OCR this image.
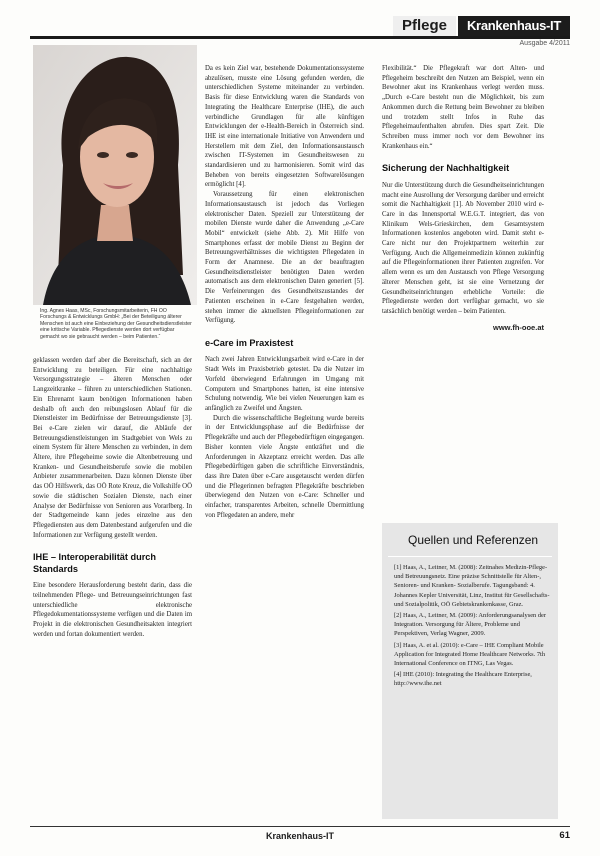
Pflege	Krankenhaus-IT
Ausgabe 4/2011
Ing. Agnes Haas, MSc, Forschungsmitarbeiterin, FH OÖ Forschungs & Entwicklungs GmbH: „Bei der Beteiligung älterer Menschen ist auch eine Einbeziehung der Gesundheitsdienstleister eine kritische Variable. Pflegedienste werden dort verfügbar gemacht wo sie gebraucht werden – beim Patienten.“

geklassen werden darf aber die Bereitschaft, sich an der Entwicklung zu beteiligen. Für eine nachhaltige Versorgungsstrategie – älteren Menschen oder Langzeitkranke – führen zu unterschiedlichen Stationen. Ein Ehrenamt kaum benötigen Informationen haben deshalb oft auch den reibungslosen Ablauf für die Dienstleister im Bedürfnisse der Betreuungsdienste [3]. Bei e-Care zielen wir darauf, die Abläufe der Betreuungsdienstleistungen im Stadtgebiet von Wels zu einem System für ältere Menschen zu verbinden, in dem Ältere, ihre Pflegeheime sowie die Altenbetreuung und Kranken- und Gesundheitsberufe sowie die mobilen Anbieter zusammenarbeiten. Dazu können Dienste über das OÖ Hilfswerk, das OÖ Rote Kreuz, die Volkshilfe OÖ sowie die städtischen Sozialen Dienste, nach einer Analyse der Bedürfnisse von Senioren aus Vorarlberg. In der Stadtgemeinde kann jedes einzelne aus den Pflegediensten aus dem Datenbestand aufgerufen und die Informationen zur Verfügung gestellt werden.

IHE – Interoperabilität durch Standards

Eine besondere Herausforderung besteht darin, dass die teilnehmenden Pflege- und Betreuungseinrichtungen fast unterschiedliche elektronische Pflegedokumentationssysteme verfügen und die Daten im Projekt in die elektronischen Gesundheitsakten integriert werden und fortan dokumentiert werden.

Da es kein Ziel war, bestehende Dokumentationssysteme abzulösen, musste eine Lösung gefunden werden, die unterschiedlichen Systeme miteinander zu verbinden. Basis für diese Entwicklung waren die Standards von Integrating the Healthcare Enterprise (IHE), die auch verbindliche Grundlagen für alle künftigen Entwicklungen der e-Health-Bereich in Österreich sind. IHE ist eine internationale Initiative von Anwendern und Herstellern mit dem Ziel, den Informationsaustausch zwischen IT-Systemen im Gesundheitswesen zu standardisieren und zu harmonisieren. Somit wird das Beheben von bereits eingesetzten Softwarelösungen ermöglicht [4].

Voraussetzung für einen elektronischen Informationsaustausch ist jedoch das Vorliegen elektronischer Daten. Speziell zur Unterstützung der mobilen Dienste wurde daher die Anwendung „e-Care Mobil“ entwickelt (siehe Abb. 2). Mit Hilfe von Smartphones erfasst der mobile Dienst zu Beginn der Betreuungsverhältnisses die wichtigsten Pflegedaten in Form der Anamnese. Die an der beauftragten Gesundheitsdienstleister benötigten Daten werden automatisch aus dem elektronischen Daten generiert [5]. Die Verfeinerungen des Gesundheitszustandes der Patienten erscheinen in e-Care festgehalten werden, stehen immer die aktuellsten Pflegeinformationen zur Verfügung.

e-Care im Praxistest

Nach zwei Jahren Entwicklungsarbeit wird e-Care in der Stadt Wels im Praxisbetrieb getestet. Da die Nutzer im Vorfeld überwiegend Erfahrungen im Umgang mit Computern und Smartphones hatten, ist eine intensive Schulung notwendig. Wie bei vielen Neuerungen kam es anfänglich zu Zweifel und Ängsten.

Durch die wissenschaftliche Begleitung wurde bereits in der Entwicklungsphase auf die Bedürfnisse der Pflegekräfte und auch der Pflegebedürftigen eingegangen. Bisher konnten viele Ängste entkräftet und die Anforderungen in Akzeptanz erreicht werden. Das alle Pflegebedürftigen gaben die schriftliche Einverständnis, dass ihre Daten über e-Care ausgetauscht werden dürfen und die Pflegerinnen befragten Pflegekräfte beschrieben überwiegend den Nutzen von e-Care: Schneller und einfacher, transparentes Arbeiten, schnelle Übermittlung von Pflegedaten an andere, mehr

Flexibilität.“ Die Pflegekraft war dort Alten- und Pflegeheim beschreibt den Nutzen am Beispiel, wenn ein Bewohner akut ins Krankenhaus verlegt werden muss. „Durch e-Care besteht nun die Möglichkeit, bis zum Ankommen durch die Rettung beim Bewohner zu bleiben und trotzdem stellt Infos in Ruhe das Pflegeheimaufenthalten abrufen. Dies spart Zeit. Die Schreiben muss immer noch vor dem Bewohner ins Krankenhaus ein.“

Sicherung der Nachhaltigkeit

Nur die Unterstützung durch die Gesundheitseinrichtungen macht eine Ausrollung der Versorgung darüber und erreicht somit die Nachhaltigkeit [1]. Ab November 2010 wird e-Care in das Innensportal W.E.G.T. integriert, das von Klinikum Wels-Grieskirchen, dem Gesamtsystem Informationen kostenlos angeboten wird. Damit steht e-Care nicht nur den Projektpartnern weiterhin zur Verfügung. Auch die Allgemeinmedizin können zukünftig auf die Pflegeinformationen ihrer Patienten zugreifen. Vor allem wenn es um den Austausch von Pflege Versorgung älterer Menschen geht, ist sie eine Vernetzung der Gesundheitseinrichtungen erhebliche Vorteile: die Pflegedienste werden dort verfügbar gemacht, wo sie tatsächlich benötigt werden – beim Patienten.

www.fh-ooe.at
Quellen und Referenzen

[1] Haas, A., Leitner, M. (2008): Zeitnahes Medizin-Pflege- und Betreuungsnetz. Eine präzise Schnittstelle für Alten-, Senioren- und Kranken- Sozialberufe. Tagungsband: 4. Johannes Kepler Universität, Linz, Institut für Gesellschafts- und Sozialpolitik, OÖ Gebietskrankenkasse, Graz.

[2] Haas, A., Leitner, M. (2009): Anforderungsanalysen der Integration. Versorgung für Ältere, Probleme und Perspektiven, Verlag Wagner, 2009.

[3] Haas, A. et al. (2010): e-Care – IHE Compliant Mobile Application for Integrated Home Healthcare Networks. 7th International Conference on ITNG, Las Vegas.

[4] IHE (2010): Integrating the Healthcare Enterprise, http://www.ihe.net

Krankenhaus-IT	61
